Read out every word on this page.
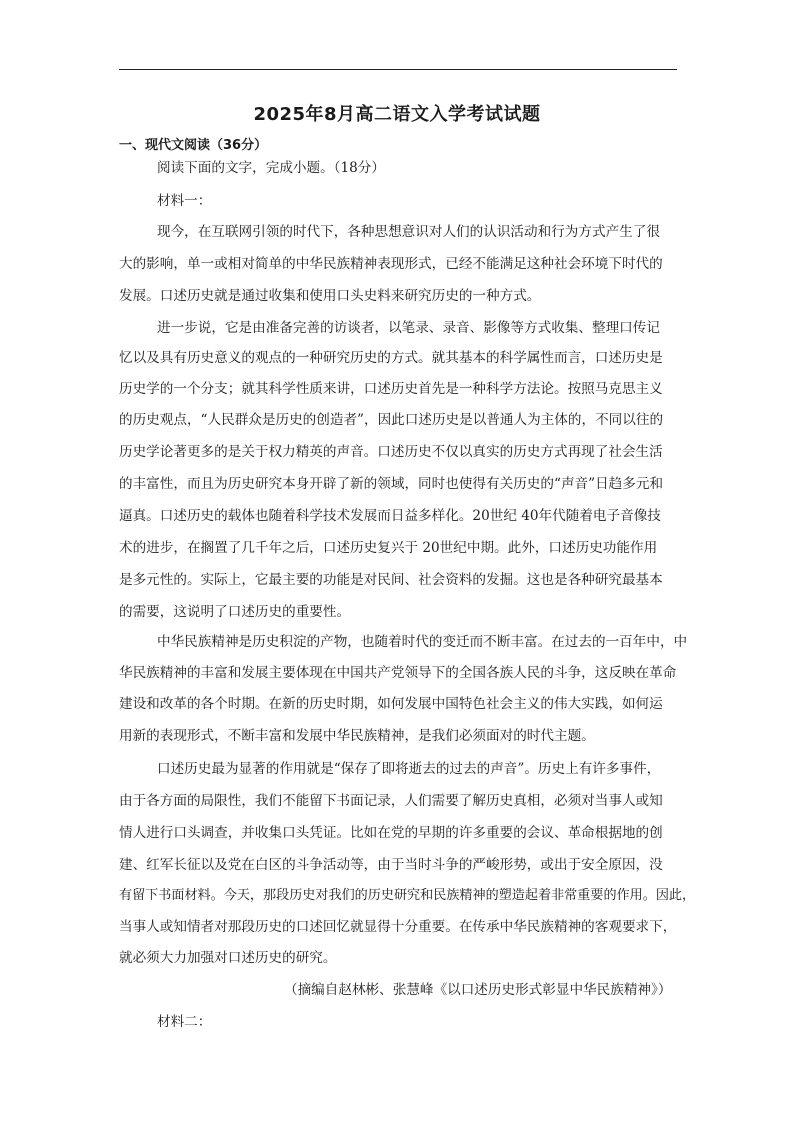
2025年8月高二语文入学考试试题
一、现代文阅读（36分）
阅读下面的文字，完成小题。（18分）
材料一：
现今，在互联网引领的时代下，各种思想意识对人们的认识活动和行为方式产生了很
大的影响，单一或相对简单的中华民族精神表现形式，已经不能满足这种社会环境下时代的
发展。口述历史就是通过收集和使用口头史料来研究历史的一种方式。
进一步说，它是由准备完善的访谈者，以笔录、录音、影像等方式收集、整理口传记
忆以及具有历史意义的观点的一种研究历史的方式。就其基本的科学属性而言，口述历史是
历史学的一个分支；就其科学性质来讲，口述历史首先是一种科学方法论。按照马克思主义
的历史观点，“人民群众是历史的创造者”，因此口述历史是以普通人为主体的，不同以往的
历史学论著更多的是关于权力精英的声音。口述历史不仅以真实的历史方式再现了社会生活
的丰富性，而且为历史研究本身开辟了新的领域，同时也使得有关历史的“声音”日趋多元和
逼真。口述历史的载体也随着科学技术发展而日益多样化。20世纪 40年代随着电子音像技
术的进步，在搁置了几千年之后，口述历史复兴于 20世纪中期。此外，口述历史功能作用
是多元性的。实际上，它最主要的功能是对民间、社会资料的发掘。这也是各种研究最基本
的需要，这说明了口述历史的重要性。
中华民族精神是历史积淀的产物，也随着时代的变迁而不断丰富。在过去的一百年中，中
华民族精神的丰富和发展主要体现在中国共产党领导下的全国各族人民的斗争，这反映在革命
建设和改革的各个时期。在新的历史时期，如何发展中国特色社会主义的伟大实践，如何运
用新的表现形式，不断丰富和发展中华民族精神，是我们必须面对的时代主题。
口述历史最为显著的作用就是“保存了即将逝去的过去的声音”。历史上有许多事件，
由于各方面的局限性，我们不能留下书面记录，人们需要了解历史真相，必须对当事人或知
情人进行口头调查，并收集口头凭证。比如在党的早期的许多重要的会议、革命根据地的创
建、红军长征以及党在白区的斗争活动等，由于当时斗争的严峻形势，或出于安全原因，没
有留下书面材料。今天，那段历史对我们的历史研究和民族精神的塑造起着非常重要的作用。因此，
当事人或知情者对那段历史的口述回忆就显得十分重要。在传承中华民族精神的客观要求下，
就必须大力加强对口述历史的研究。
（摘编自赵林彬、张慧峰《以口述历史形式彰显中华民族精神》）
材料二：
